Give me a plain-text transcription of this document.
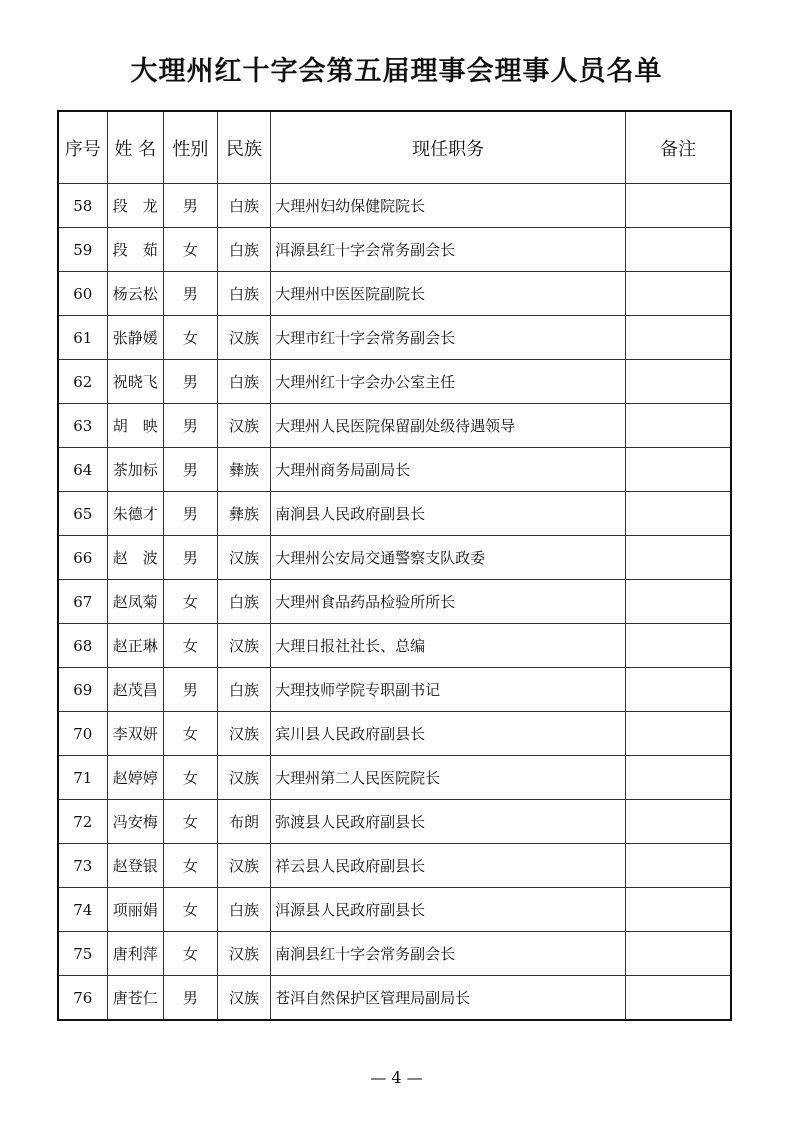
大理州红十字会第五届理事会理事人员名单
序号	姓 名	性别	民族	现任职务	备注
58	段　龙	男	白族	大理州妇幼保健院院长	
59	段　茹	女	白族	洱源县红十字会常务副会长	
60	杨云松	男	白族	大理州中医医院副院长	
61	张静媛	女	汉族	大理市红十字会常务副会长	
62	祝晓飞	男	白族	大理州红十字会办公室主任	
63	胡　映	男	汉族	大理州人民医院保留副处级待遇领导	
64	茶加标	男	彝族	大理州商务局副局长	
65	朱德才	男	彝族	南涧县人民政府副县长	
66	赵　波	男	汉族	大理州公安局交通警察支队政委	
67	赵凤菊	女	白族	大理州食品药品检验所所长	
68	赵正琳	女	汉族	大理日报社社长、总编	
69	赵茂昌	男	白族	大理技师学院专职副书记	
70	李双妍	女	汉族	宾川县人民政府副县长	
71	赵婷婷	女	汉族	大理州第二人民医院院长	
72	冯安梅	女	布朗	弥渡县人民政府副县长	
73	赵登银	女	汉族	祥云县人民政府副县长	
74	项丽娟	女	白族	洱源县人民政府副县长	
75	唐利萍	女	汉族	南涧县红十字会常务副会长	
76	唐苍仁	男	汉族	苍洱自然保护区管理局副局长	
— 4 —
